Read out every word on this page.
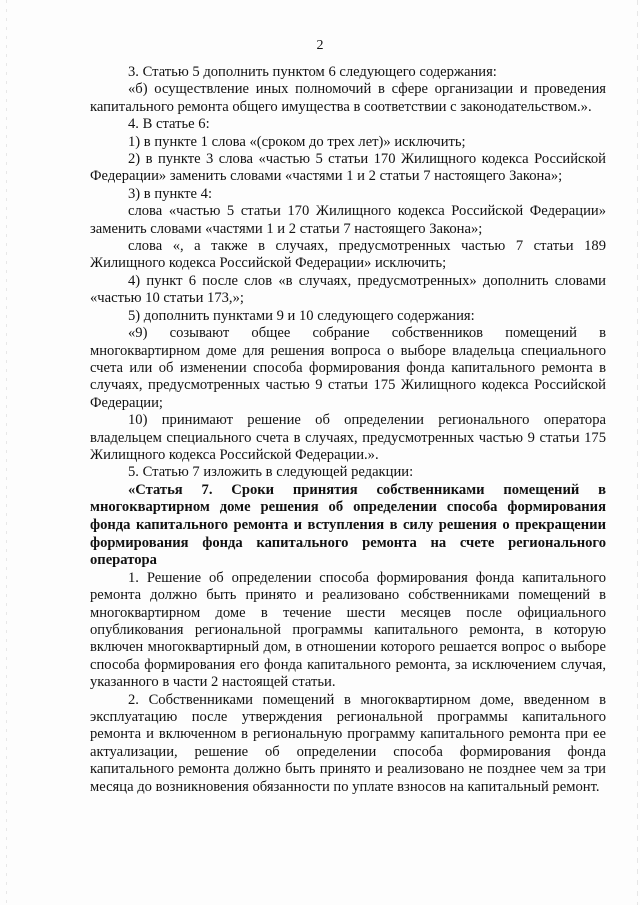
2

3. Статью 5 дополнить пунктом 6 следующего содержания:

«б) осуществление иных полномочий в сфере организации и проведения капитального ремонта общего имущества в соответствии с законодательством.».

4. В статье 6:

1) в пункте 1 слова «(сроком до трех лет)» исключить;

2) в пункте 3 слова «частью 5 статьи 170 Жилищного кодекса Российской Федерации» заменить словами «частями 1 и 2 статьи 7 настоящего Закона»;

3) в пункте 4:

слова «частью 5 статьи 170 Жилищного кодекса Российской Федерации» заменить словами «частями 1 и 2 статьи 7 настоящего Закона»;

слова «, а также в случаях, предусмотренных частью 7 статьи 189 Жилищного кодекса Российской Федерации» исключить;

4) пункт 6 после слов «в случаях, предусмотренных» дополнить словами «частью 10 статьи 173,»;

5) дополнить пунктами 9 и 10 следующего содержания:

«9) созывают общее собрание собственников помещений в многоквартирном доме для решения вопроса о выборе владельца специального счета или об изменении способа формирования фонда капитального ремонта в случаях, предусмотренных частью 9 статьи 175 Жилищного кодекса Российской Федерации;

10) принимают решение об определении регионального оператора владельцем специального счета в случаях, предусмотренных частью 9 статьи 175 Жилищного кодекса Российской Федерации.».

5. Статью 7 изложить в следующей редакции:

«Статья 7. Сроки принятия собственниками помещений в многоквартирном доме решения об определении способа формирования фонда капитального ремонта и вступления в силу решения о прекращении формирования фонда капитального ремонта на счете регионального оператора

1. Решение об определении способа формирования фонда капитального ремонта должно быть принято и реализовано собственниками помещений в многоквартирном доме в течение шести месяцев после официального опубликования региональной программы капитального ремонта, в которую включен многоквартирный дом, в отношении которого решается вопрос о выборе способа формирования его фонда капитального ремонта, за исключением случая, указанного в части 2 настоящей статьи.

2. Собственниками помещений в многоквартирном доме, введенном в эксплуатацию после утверждения региональной программы капитального ремонта и включенном в региональную программу капитального ремонта при ее актуализации, решение об определении способа формирования фонда капитального ремонта должно быть принято и реализовано не позднее чем за три месяца до возникновения обязанности по уплате взносов на капитальный ремонт.
